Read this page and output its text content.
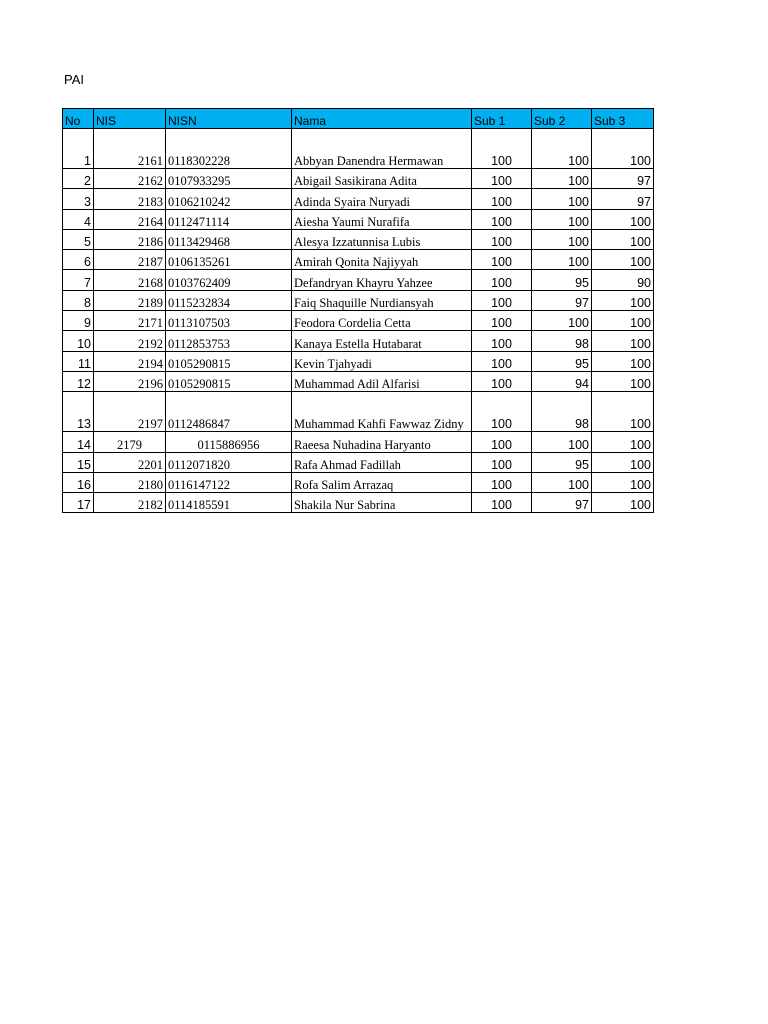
PAI
No	NIS	NISN	Nama	Sub 1	Sub 2	Sub 3
1	2161	0118302228	Abbyan Danendra Hermawan	100	100	100
2	2162	0107933295	Abigail Sasikirana Adita	100	100	97
3	2183	0106210242	Adinda Syaira Nuryadi	100	100	97
4	2164	0112471114	Aiesha Yaumi Nurafifa	100	100	100
5	2186	0113429468	Alesya Izzatunnisa Lubis	100	100	100
6	2187	0106135261	Amirah Qonita Najiyyah	100	100	100
7	2168	0103762409	Defandryan Khayru Yahzee	100	95	90
8	2189	0115232834	Faiq Shaquille Nurdiansyah	100	97	100
9	2171	0113107503	Feodora Cordelia Cetta	100	100	100
10	2192	0112853753	Kanaya Estella Hutabarat	100	98	100
11	2194	0105290815	Kevin Tjahyadi	100	95	100
12	2196	0105290815	Muhammad Adil Alfarisi	100	94	100
13	2197	0112486847	Muhammad Kahfi Fawwaz Zidny	100	98	100
14	2179	0115886956	Raeesa Nuhadina Haryanto	100	100	100
15	2201	0112071820	Rafa Ahmad Fadillah	100	95	100
16	2180	0116147122	Rofa Salim Arrazaq	100	100	100
17	2182	0114185591	Shakila Nur Sabrina	100	97	100
